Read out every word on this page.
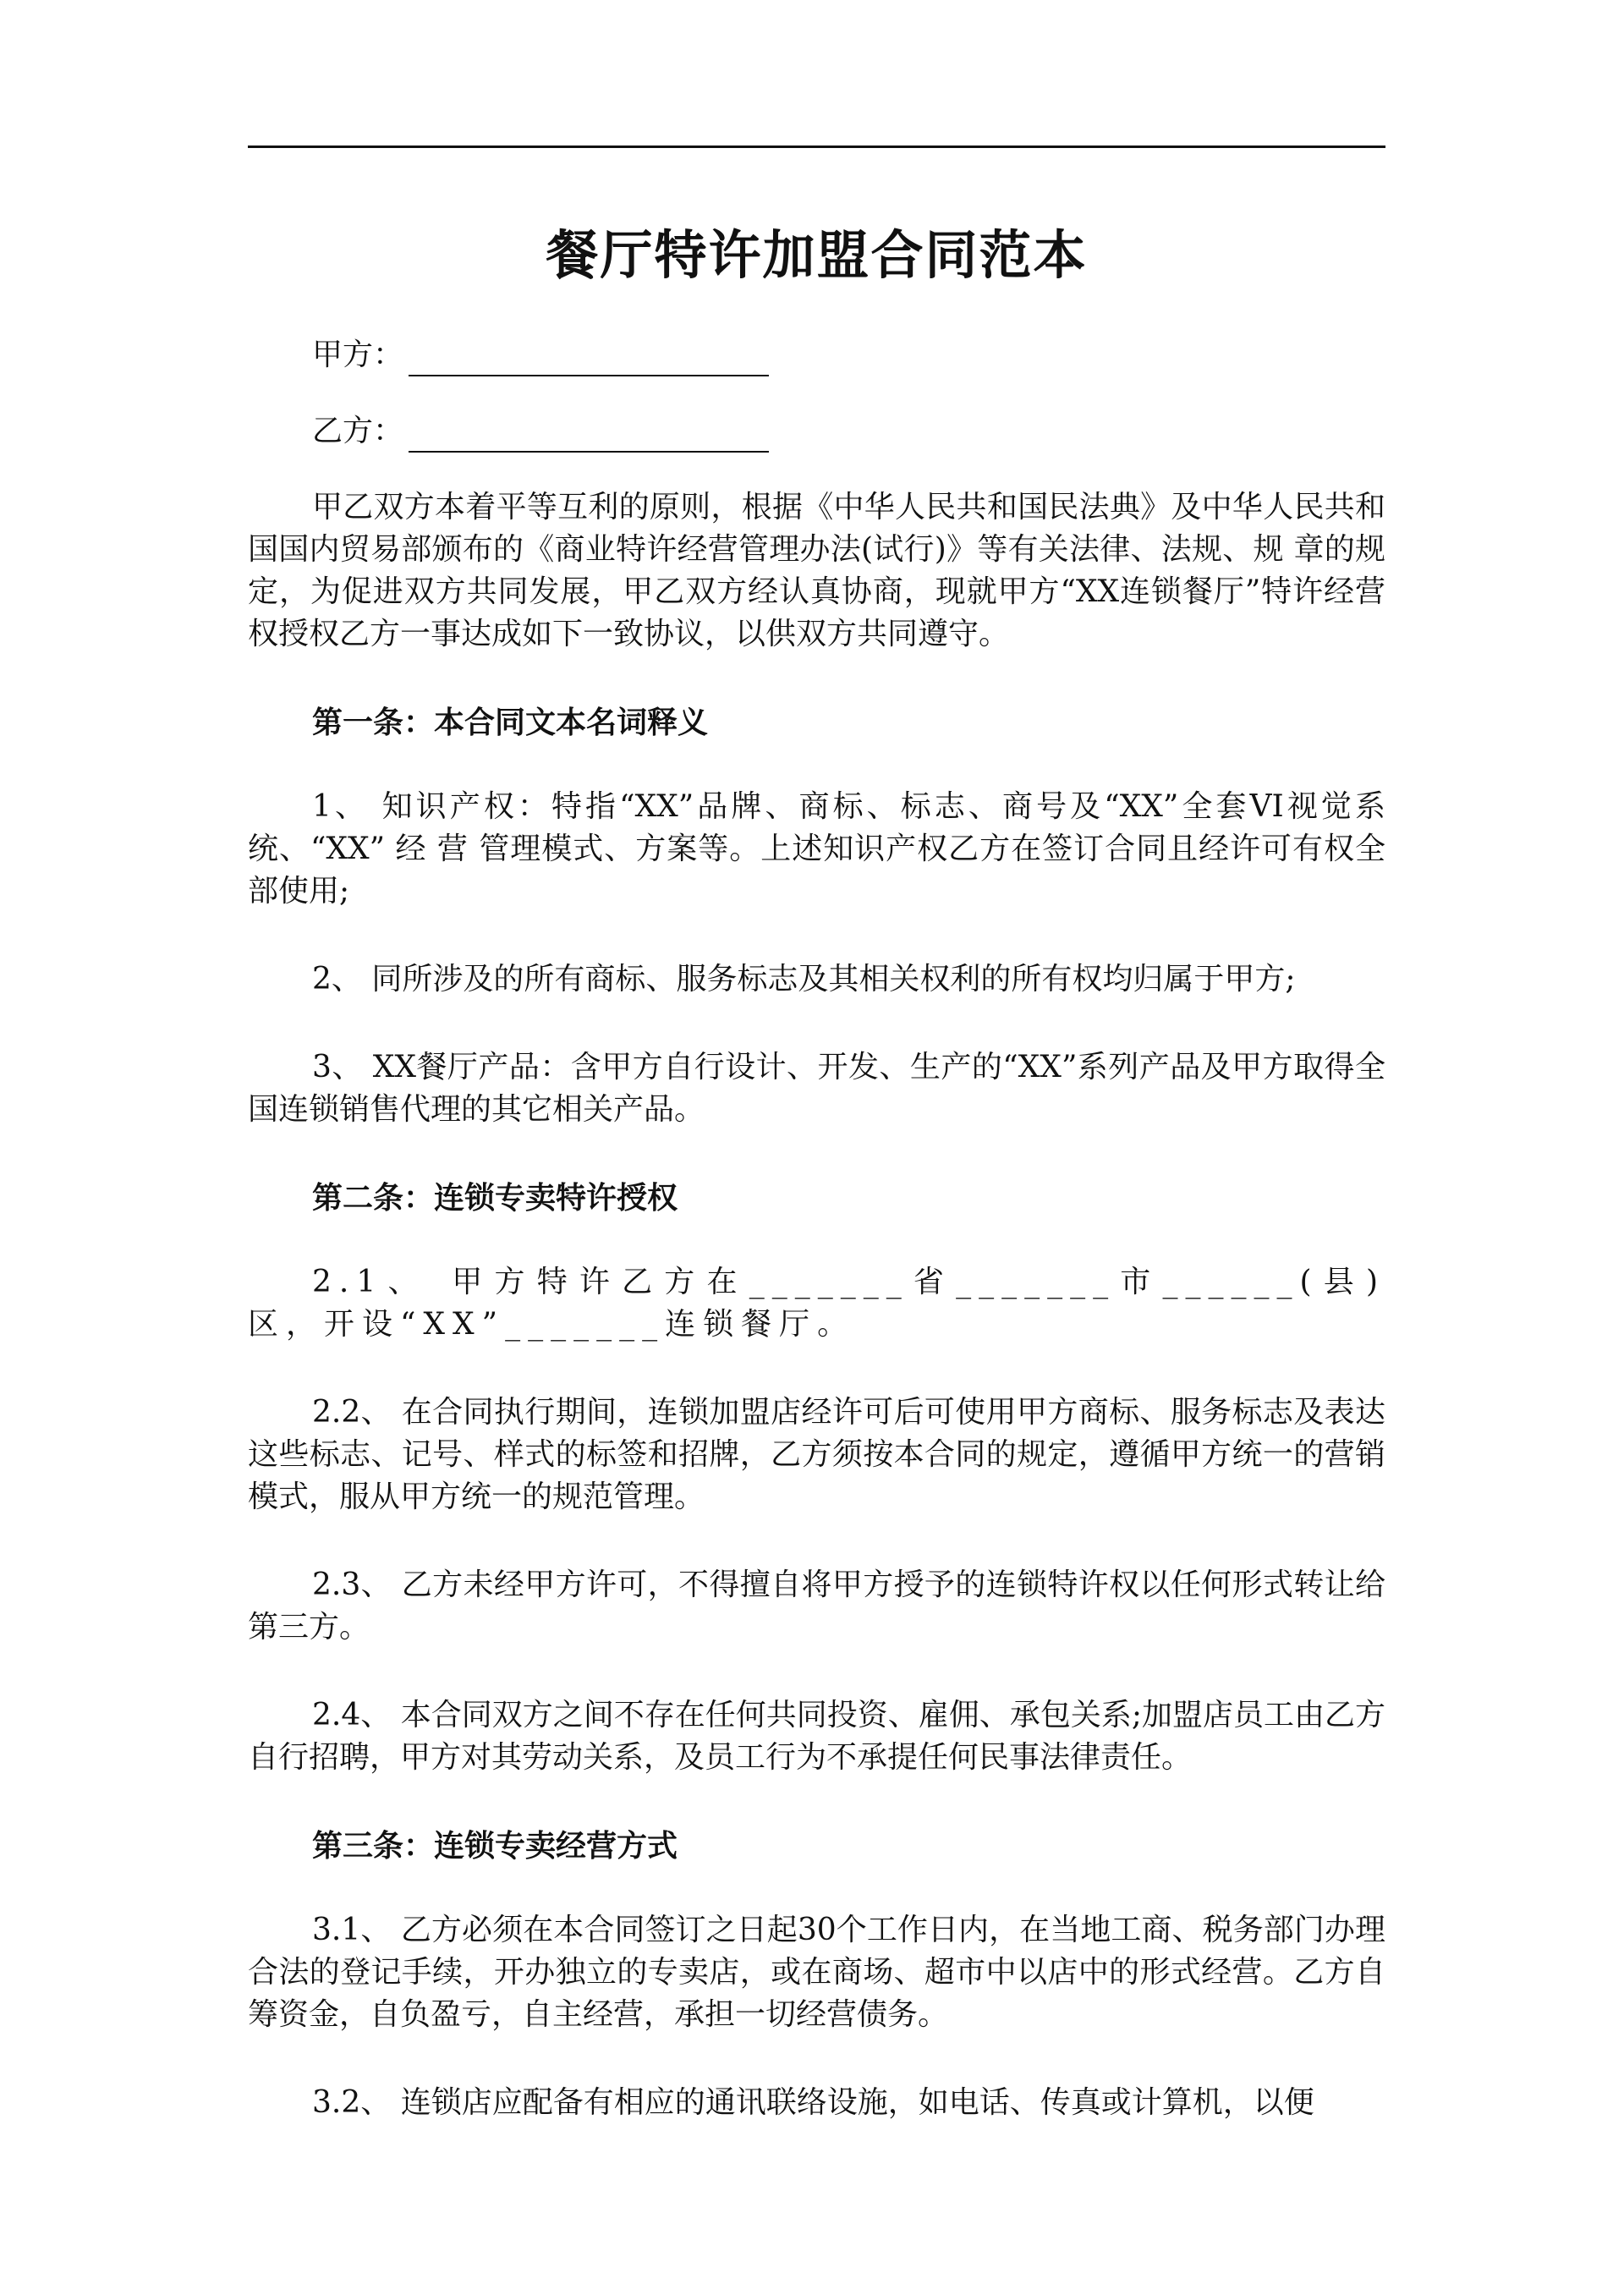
餐厅特许加盟合同范本
甲方：
乙方：

甲乙双方本着平等互利的原则，根据《中华人民共和国民法典》及中华人民共和国国内贸易部颁布的《商业特许经营管理办法(试行)》等有关法律、法规、规 章的规定，为促进双方共同发展，甲乙双方经认真协商，现就甲方“XX连锁餐厅”特许经营权授权乙方一事达成如下一致协议，以供双方共同遵守。

第一条：本合同文本名词释义

1、 知识产权：特指“XX”品牌、商标、标志、商号及“XX”全套VI视觉系统、“XX” 经 营 管理模式、方案等。上述知识产权乙方在签订合同且经许可有权全部使用;

2、 同所涉及的所有商标、服务标志及其相关权利的所有权均归属于甲方;

3、 XX餐厅产品：含甲方自行设计、开发、生产的“XX”系列产品及甲方取得全国连锁销售代理的其它相关产品。

第二条：连锁专卖特许授权

2.1、 甲方特许乙方在_______省_______市______(县)区，开设“XX”_______连锁餐厅。

2.2、 在合同执行期间，连锁加盟店经许可后可使用甲方商标、服务标志及表达这些标志、记号、样式的标签和招牌，乙方须按本合同的规定，遵循甲方统一的营销模式，服从甲方统一的规范管理。

2.3、 乙方未经甲方许可，不得擅自将甲方授予的连锁特许权以任何形式转让给第三方。

2.4、 本合同双方之间不存在任何共同投资、雇佣、承包关系;加盟店员工由乙方自行招聘，甲方对其劳动关系，及员工行为不承提任何民事法律责任。

第三条：连锁专卖经营方式

3.1、 乙方必须在本合同签订之日起30个工作日内，在当地工商、税务部门办理合法的登记手续，开办独立的专卖店，或在商场、超市中以店中的形式经营。乙方自筹资金，自负盈亏，自主经营，承担一切经营债务。

3.2、 连锁店应配备有相应的通讯联络设施，如电话、传真或计算机，以便
